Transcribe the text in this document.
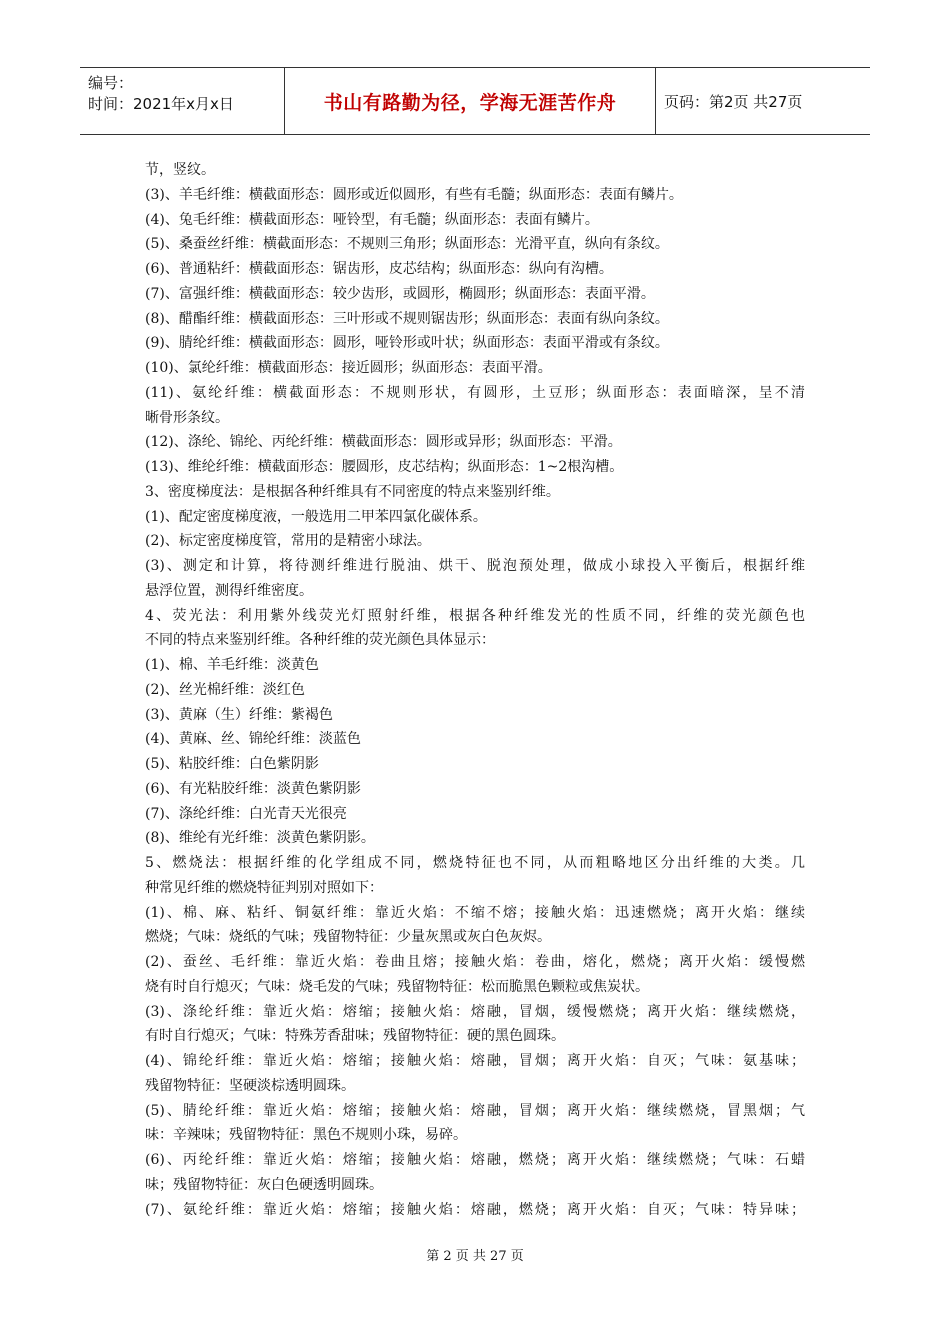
编号：
时间：2021年x月x日	书山有路勤为径，学海无涯苦作舟	页码：第2页 共27页

节，竖纹。

(3)、羊毛纤维：横截面形态：圆形或近似圆形，有些有毛髓；纵面形态：表面有鳞片。

(4)、兔毛纤维：横截面形态：哑铃型，有毛髓；纵面形态：表面有鳞片。

(5)、桑蚕丝纤维：横截面形态：不规则三角形；纵面形态：光滑平直，纵向有条纹。

(6)、普通粘纤：横截面形态：锯齿形，皮芯结构；纵面形态：纵向有沟槽。

(7)、富强纤维：横截面形态：较少齿形，或圆形，椭圆形；纵面形态：表面平滑。

(8)、醋酯纤维：横截面形态：三叶形或不规则锯齿形；纵面形态：表面有纵向条纹。

(9)、腈纶纤维：横截面形态：圆形，哑铃形或叶状；纵面形态：表面平滑或有条纹。

(10)、氯纶纤维：横截面形态：接近圆形；纵面形态：表面平滑。

(11)、氨纶纤维：横截面形态：不规则形状，有圆形，土豆形；纵面形态：表面暗深，呈不清

晰骨形条纹。

(12)、涤纶、锦纶、丙纶纤维：横截面形态：圆形或异形；纵面形态：平滑。

(13)、维纶纤维：横截面形态：腰圆形，皮芯结构；纵面形态：1~2根沟槽。

3、密度梯度法：是根据各种纤维具有不同密度的特点来鉴别纤维。

(1)、配定密度梯度液，一般选用二甲苯四氯化碳体系。

(2)、标定密度梯度管，常用的是精密小球法。

(3)、测定和计算，将待测纤维进行脱油、烘干、脱泡预处理，做成小球投入平衡后，根据纤维

悬浮位置，测得纤维密度。

4、荧光法：利用紫外线荧光灯照射纤维，根据各种纤维发光的性质不同，纤维的荧光颜色也

不同的特点来鉴别纤维。各种纤维的荧光颜色具体显示：

(1)、棉、羊毛纤维：淡黄色

(2)、丝光棉纤维：淡红色

(3)、黄麻（生）纤维：紫褐色

(4)、黄麻、丝、锦纶纤维：淡蓝色

(5)、粘胶纤维：白色紫阴影

(6)、有光粘胶纤维：淡黄色紫阴影

(7)、涤纶纤维：白光青天光很亮

(8)、维纶有光纤维：淡黄色紫阴影。

5、燃烧法：根据纤维的化学组成不同，燃烧特征也不同，从而粗略地区分出纤维的大类。几

种常见纤维的燃烧特征判别对照如下：

(1)、棉、麻、粘纤、铜氨纤维：靠近火焰：不缩不熔；接触火焰：迅速燃烧；离开火焰：继续

燃烧；气味：烧纸的气味；残留物特征：少量灰黑或灰白色灰烬。

(2)、蚕丝、毛纤维：靠近火焰：卷曲且熔；接触火焰：卷曲，熔化，燃烧；离开火焰：缓慢燃

烧有时自行熄灭；气味：烧毛发的气味；残留物特征：松而脆黑色颗粒或焦炭状。

(3)、涤纶纤维：靠近火焰：熔缩；接触火焰：熔融，冒烟，缓慢燃烧；离开火焰：继续燃烧，

有时自行熄灭；气味：特殊芳香甜味；残留物特征：硬的黑色圆珠。

(4)、锦纶纤维：靠近火焰：熔缩；接触火焰：熔融，冒烟；离开火焰：自灭；气味：氨基味；

残留物特征：坚硬淡棕透明圆珠。

(5)、腈纶纤维：靠近火焰：熔缩；接触火焰：熔融，冒烟；离开火焰：继续燃烧，冒黑烟；气

味：辛辣味；残留物特征：黑色不规则小珠，易碎。

(6)、丙纶纤维：靠近火焰：熔缩；接触火焰：熔融，燃烧；离开火焰：继续燃烧；气味：石蜡

味；残留物特征：灰白色硬透明圆珠。

(7)、氨纶纤维：靠近火焰：熔缩；接触火焰：熔融，燃烧；离开火焰：自灭；气味：特异味；

第 2 页 共 27 页
